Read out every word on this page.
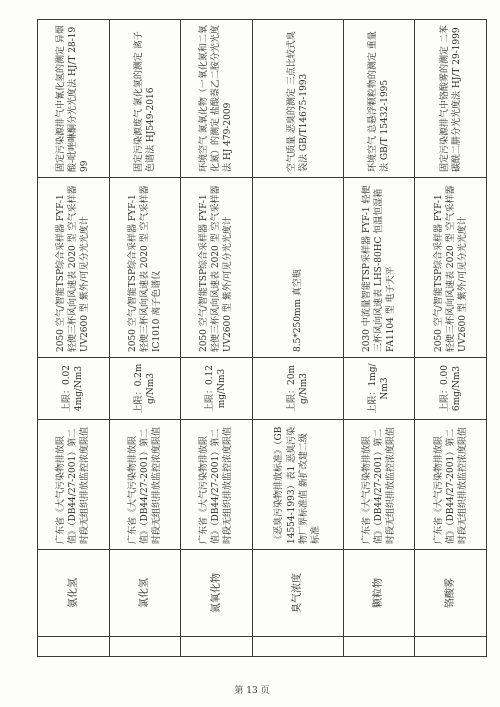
	氨化氢	广东省《大气污染物排放限值》（DB44/27-2001）第二时段无组织排放监控浓度限值	上限：0.024mg/Nm3	2050 空气/智能TSP综合采样器 FYF-1 轻便三杯风向风速表 2020 型 空气采样器 UV2600 型 紫外/可见分光光度计	固定污染源排气中氰化氢的测定 异烟酸-吡唑啉酮分光光度法 HJ/T 28-1999
	氯化氢	广东省《大气污染物排放限值》（DB44/27-2001）第二时段无组织排放监控浓度限值	上限：0.2mg/Nm3	2050 空气/智能TSP综合采样器 FYF-1 轻便三杯风向风速表 2020 型 空气采样器 IC1010 离子色谱仪	固定污染源废气 氯化氢的测定 离子色谱法 HJ549-2016
	氮氧化物	广东省《大气污染物排放限值》（DB44/27-2001）第二时段无组织排放监控浓度限值	上限：0.12mg/Nm3	2050 空气/智能TSP综合采样器 FYF-1 轻便三杯风向风速表 2020 型 空气采样器 UV2600 型 紫外/可见分光光度计	环境空气 氮氧化物（一氧化氮和二氧化氮）的测定 盐酸萘乙二胺分光光度法 HJ 479-2009
	臭气浓度	《恶臭污染物排放标准》（GB14554-1993）表1 恶臭污染物厂界标准值 新扩改建二级标准	上限：20mg/Nm3	8.5*250mm 真空瓶	空气质量 恶臭的测定 三点比较式臭袋法 GB/T14675-1993
	颗粒物	广东省《大气污染物排放限值》（DB44/27-2001）第二时段无组织排放监控浓度限值	上限：1mg/Nm3	2030 中流量智能TSP采样器 FYF-1 轻便三杯风向风速表 LHS-80HC 恒温恒湿箱 FA1104 型 电子天平	环境空气 总悬浮颗粒物的测定 重量法 GB/T 15432-1995
	铬酸雾	广东省《大气污染物排放限值》（DB44/27-2001）第二时段无组织排放监控浓度限值	上限：0.006mg/Nm3	2050 空气/智能TSP综合采样器 FYF-1 轻便三杯风向风速表 2020 型 空气采样器 UV2600 型 紫外/可见分光光度计	固定污染源排气中铬酸雾的测定 二苯碳酰二肼分光光度法 HJ/T 29-1999
第 13 页
